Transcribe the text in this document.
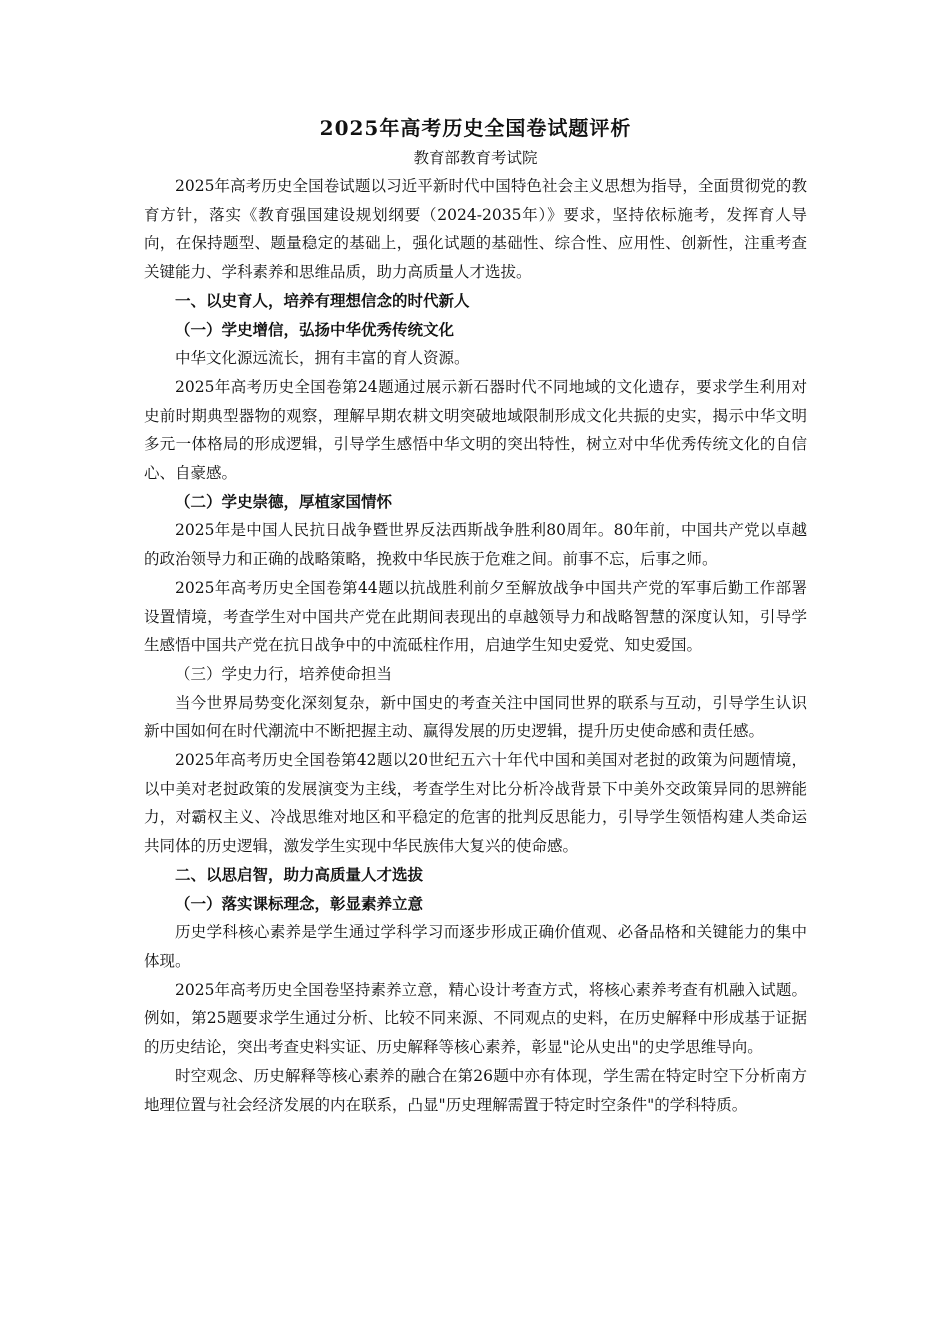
2025年高考历史全国卷试题评析

教育部教育考试院

2025年高考历史全国卷试题以习近平新时代中国特色社会主义思想为指导，全面贯彻党的教育方针，落实《教育强国建设规划纲要（2024-2035年）》要求，坚持依标施考，发挥育人导向，在保持题型、题量稳定的基础上，强化试题的基础性、综合性、应用性、创新性，注重考查关键能力、学科素养和思维品质，助力高质量人才选拔。

一、以史育人，培养有理想信念的时代新人

（一）学史增信，弘扬中华优秀传统文化

中华文化源远流长，拥有丰富的育人资源。

2025年高考历史全国卷第24题通过展示新石器时代不同地域的文化遗存，要求学生利用对史前时期典型器物的观察，理解早期农耕文明突破地域限制形成文化共振的史实，揭示中华文明多元一体格局的形成逻辑，引导学生感悟中华文明的突出特性，树立对中华优秀传统文化的自信心、自豪感。

（二）学史崇德，厚植家国情怀

2025年是中国人民抗日战争暨世界反法西斯战争胜利80周年。80年前，中国共产党以卓越的政治领导力和正确的战略策略，挽救中华民族于危难之间。前事不忘，后事之师。

2025年高考历史全国卷第44题以抗战胜利前夕至解放战争中国共产党的军事后勤工作部署设置情境，考查学生对中国共产党在此期间表现出的卓越领导力和战略智慧的深度认知，引导学生感悟中国共产党在抗日战争中的中流砥柱作用，启迪学生知史爱党、知史爱国。

（三）学史力行，培养使命担当

当今世界局势变化深刻复杂，新中国史的考查关注中国同世界的联系与互动，引导学生认识新中国如何在时代潮流中不断把握主动、赢得发展的历史逻辑，提升历史使命感和责任感。

2025年高考历史全国卷第42题以20世纪五六十年代中国和美国对老挝的政策为问题情境，以中美对老挝政策的发展演变为主线，考查学生对比分析冷战背景下中美外交政策异同的思辨能力，对霸权主义、冷战思维对地区和平稳定的危害的批判反思能力，引导学生领悟构建人类命运共同体的历史逻辑，激发学生实现中华民族伟大复兴的使命感。

二、以思启智，助力高质量人才选拔

（一）落实课标理念，彰显素养立意

历史学科核心素养是学生通过学科学习而逐步形成正确价值观、必备品格和关键能力的集中体现。

2025年高考历史全国卷坚持素养立意，精心设计考查方式，将核心素养考查有机融入试题。例如，第25题要求学生通过分析、比较不同来源、不同观点的史料，在历史解释中形成基于证据的历史结论，突出考查史料实证、历史解释等核心素养，彰显"论从史出"的史学思维导向。

时空观念、历史解释等核心素养的融合在第26题中亦有体现，学生需在特定时空下分析南方地理位置与社会经济发展的内在联系，凸显"历史理解需置于特定时空条件"的学科特质。
